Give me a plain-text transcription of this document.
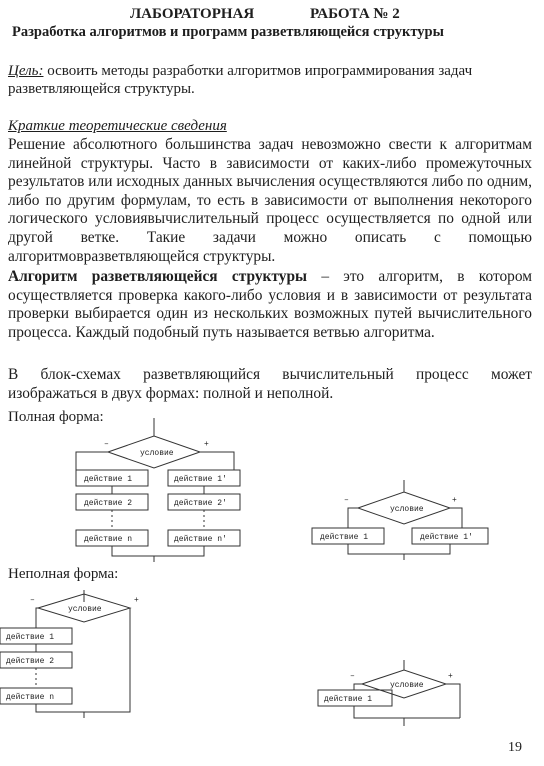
ЛАБОРАТОРНАЯ	РАБОТА № 2
Разработка алгоритмов и программ разветвляющейся структуры
Цель: освоить методы разработки алгоритмов ипрограммирования задач разветвляющейся структуры.
Краткие теоретические сведения
Решение абсолютного большинства задач невозможно свести к алгоритмам линейной структуры. Часто в зависимости от каких-либо промежуточных результатов или исходных данных вычисления осуществляются либо по одним, либо по другим формулам, то есть в зависимости от выполнения некоторого логического условиявычислительный процесс осуществляется по одной или другой ветке. Такие задачи можно описать с помощью алгоритмовразветвляющейся структуры.
Алгоритм разветвляющейся структуры – это алгоритм, в котором осуществляется проверка какого-либо условия и в зависимости от результата проверки выбирается один из нескольких возможных путей вычислительного процесса. Каждый подобный путь называется ветвью алгоритма.
В блок-схемах разветвляющийся вычислительный процесс может изображаться в двух формах: полной и неполной.
Полная форма:
Неполная форма:
условие
–	+
действие 1
действие 2
действие n
действие 1'
действие 2'
действие n'
условие
–	+
действие 1	действие 1'
условие
–	+
действие 1
действие 2
действие n
условие
–	+
действие 1
19
